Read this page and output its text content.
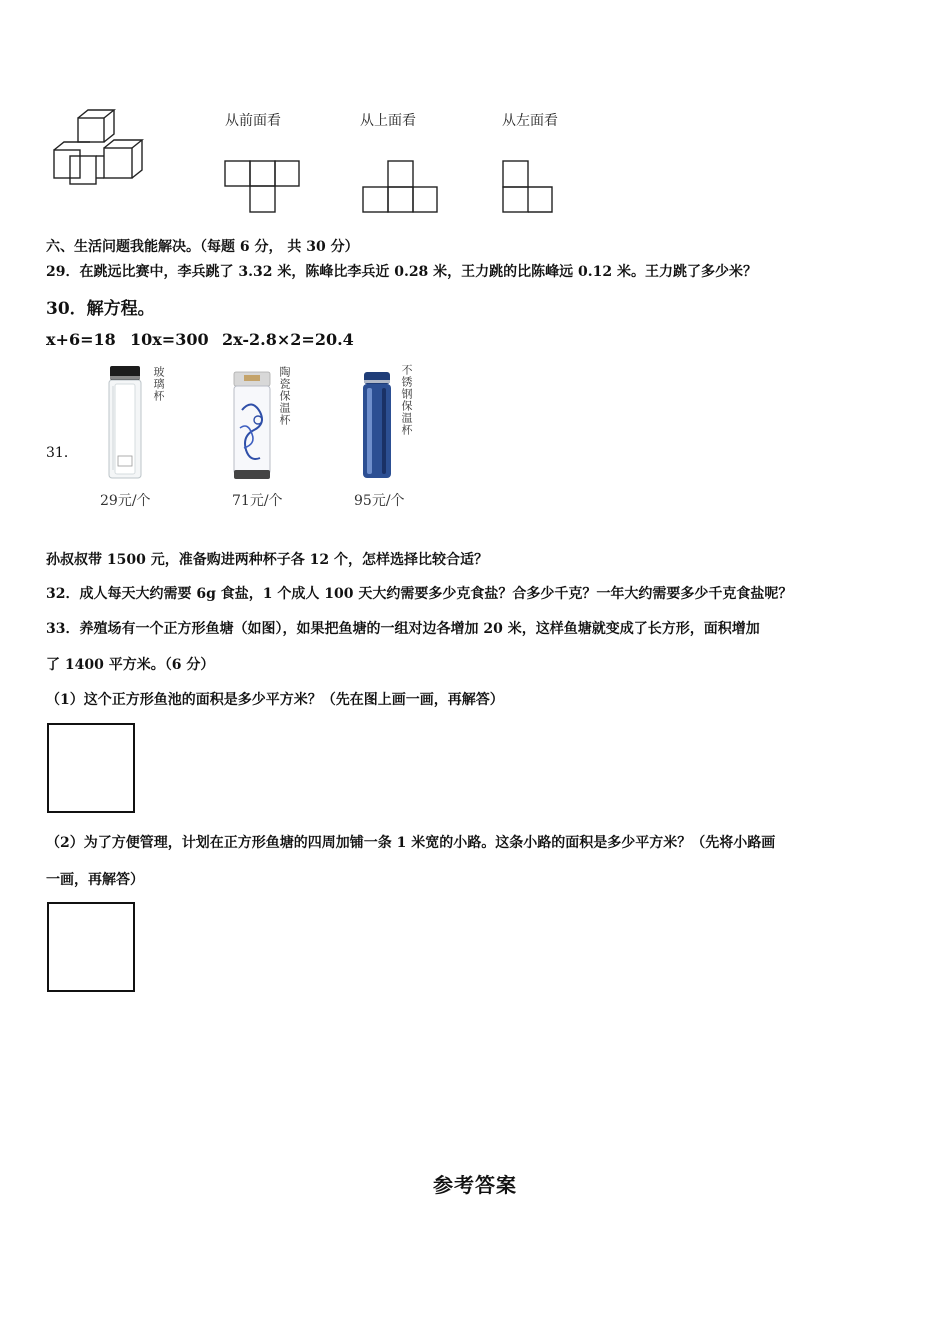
从前面看	从上面看	从左面看
六、生活问题我能解决。（每题 6 分， 共 30 分）
29．在跳远比赛中，李兵跳了 3.32 米，陈峰比李兵近 0.28 米，王力跳的比陈峰远 0.12 米。王力跳了多少米？
30．解方程。
x+6=18 10x=300 2x-2.8×2=20.4
31．
玻璃杯
29元/个
陶瓷保温杯
71元/个
不锈钢保温杯
95元/个
孙叔叔带 1500 元，准备购进两种杯子各 12 个，怎样选择比较合适？
32．成人每天大约需要 6g 食盐，1 个成人 100 天大约需要多少克食盐？合多少千克？一年大约需要多少千克食盐呢？
33．养殖场有一个正方形鱼塘（如图），如果把鱼塘的一组对边各增加 20 米，这样鱼塘就变成了长方形，面积增加
了 1400 平方米。（6 分）
（1）这个正方形鱼池的面积是多少平方米？（先在图上画一画，再解答）
（2）为了方便管理，计划在正方形鱼塘的四周加铺一条 1 米宽的小路。这条小路的面积是多少平方米？（先将小路画
一画，再解答）
参考答案
